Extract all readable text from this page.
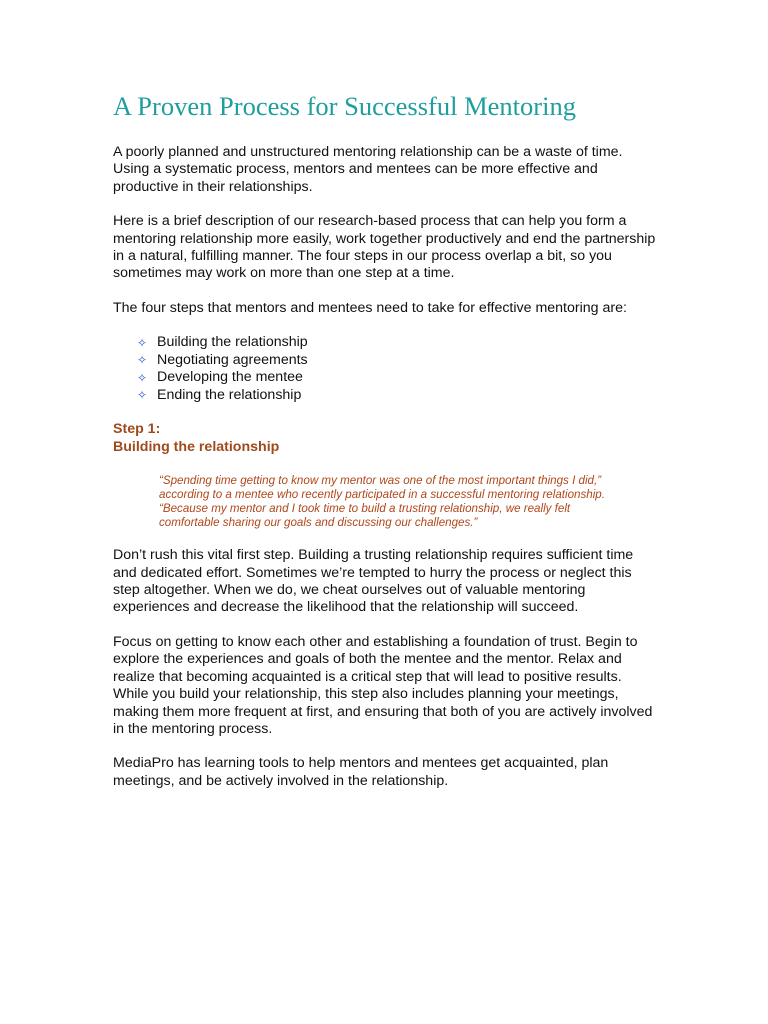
A Proven Process for Successful Mentoring

A poorly planned and unstructured mentoring relationship can be a waste of time. Using a systematic process, mentors and mentees can be more effective and productive in their relationships.

Here is a brief description of our research-based process that can help you form a mentoring relationship more easily, work together productively and end the partnership in a natural, fulfilling manner. The four steps in our process overlap a bit, so you sometimes may work on more than one step at a time.

The four steps that mentors and mentees need to take for effective mentoring are:

✧ Building the relationship
✧ Negotiating agreements
✧ Developing the mentee
✧ Ending the relationship
Step 1:
Building the relationship
“Spending time getting to know my mentor was one of the most important things I did,” according to a mentee who recently participated in a successful mentoring relationship. “Because my mentor and I took time to build a trusting relationship, we really felt comfortable sharing our goals and discussing our challenges.”

Don’t rush this vital first step. Building a trusting relationship requires sufficient time and dedicated effort. Sometimes we’re tempted to hurry the process or neglect this step altogether. When we do, we cheat ourselves out of valuable mentoring experiences and decrease the likelihood that the relationship will succeed.

Focus on getting to know each other and establishing a foundation of trust. Begin to explore the experiences and goals of both the mentee and the mentor. Relax and realize that becoming acquainted is a critical step that will lead to positive results. While you build your relationship, this step also includes planning your meetings, making them more frequent at first, and ensuring that both of you are actively involved in the mentoring process.

MediaPro has learning tools to help mentors and mentees get acquainted, plan meetings, and be actively involved in the relationship.
